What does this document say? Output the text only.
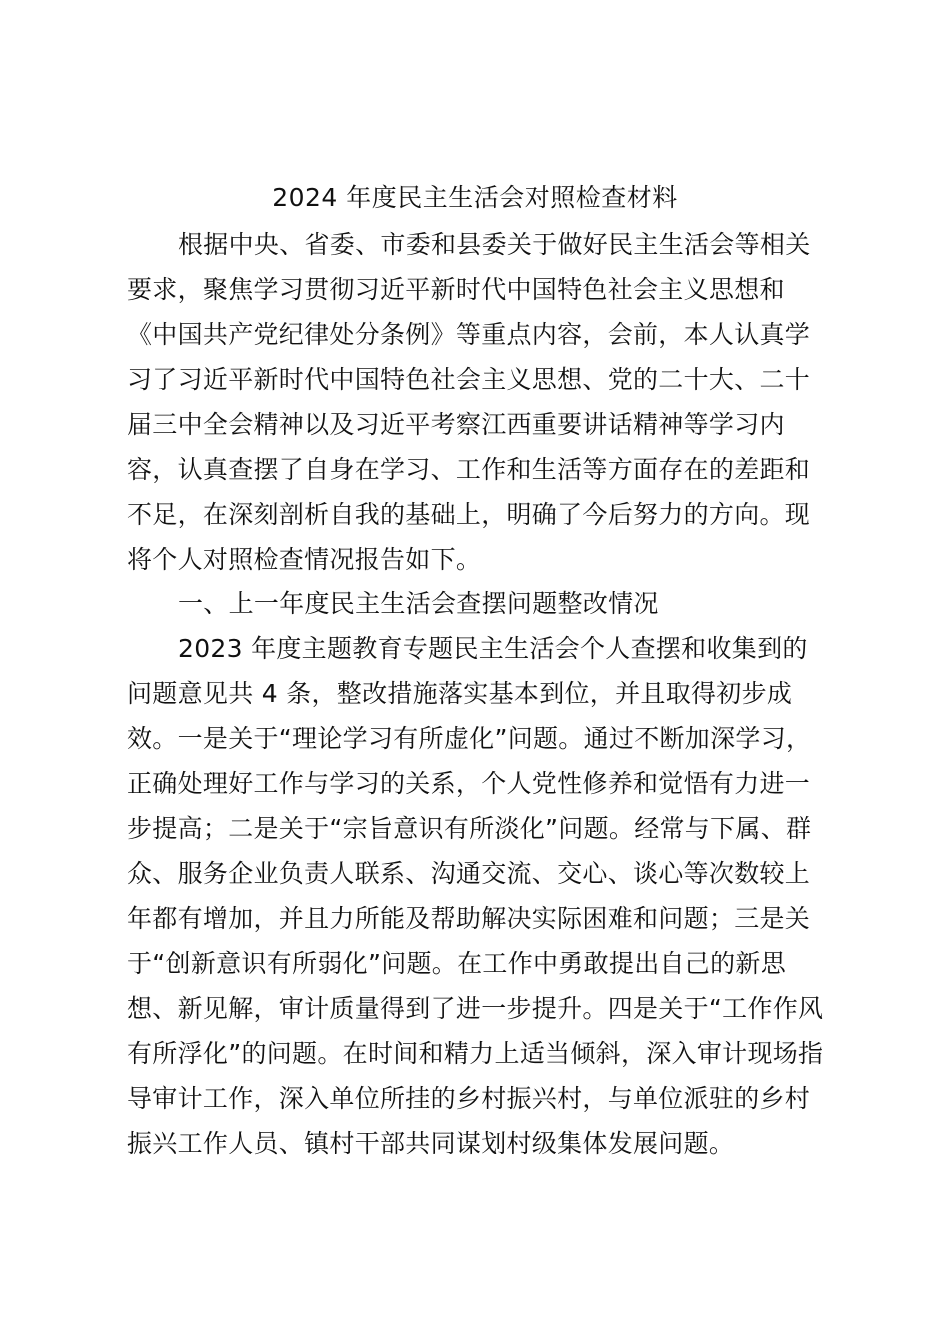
2024 年度民主生活会对照检查材料
根据中央、省委、市委和县委关于做好民主生活会等相关
要求，聚焦学习贯彻习近平新时代中国特色社会主义思想和
《中国共产党纪律处分条例》等重点内容，会前，本人认真学
习了习近平新时代中国特色社会主义思想、党的二十大、二十
届三中全会精神以及习近平考察江西重要讲话精神等学习内
容，认真查摆了自身在学习、工作和生活等方面存在的差距和
不足，在深刻剖析自我的基础上，明确了今后努力的方向。现
将个人对照检查情况报告如下。
一、上一年度民主生活会查摆问题整改情况
2023 年度主题教育专题民主生活会个人查摆和收集到的
问题意见共 4 条，整改措施落实基本到位，并且取得初步成
效。一是关于“理论学习有所虚化”问题。通过不断加深学习，
正确处理好工作与学习的关系，个人党性修养和觉悟有力进一
步提高；二是关于“宗旨意识有所淡化”问题。经常与下属、群
众、服务企业负责人联系、沟通交流、交心、谈心等次数较上
年都有增加，并且力所能及帮助解决实际困难和问题；三是关
于“创新意识有所弱化”问题。在工作中勇敢提出自己的新思
想、新见解，审计质量得到了进一步提升。四是关于“工作作风
有所浮化”的问题。在时间和精力上适当倾斜，深入审计现场指
导审计工作，深入单位所挂的乡村振兴村，与单位派驻的乡村
振兴工作人员、镇村干部共同谋划村级集体发展问题。
